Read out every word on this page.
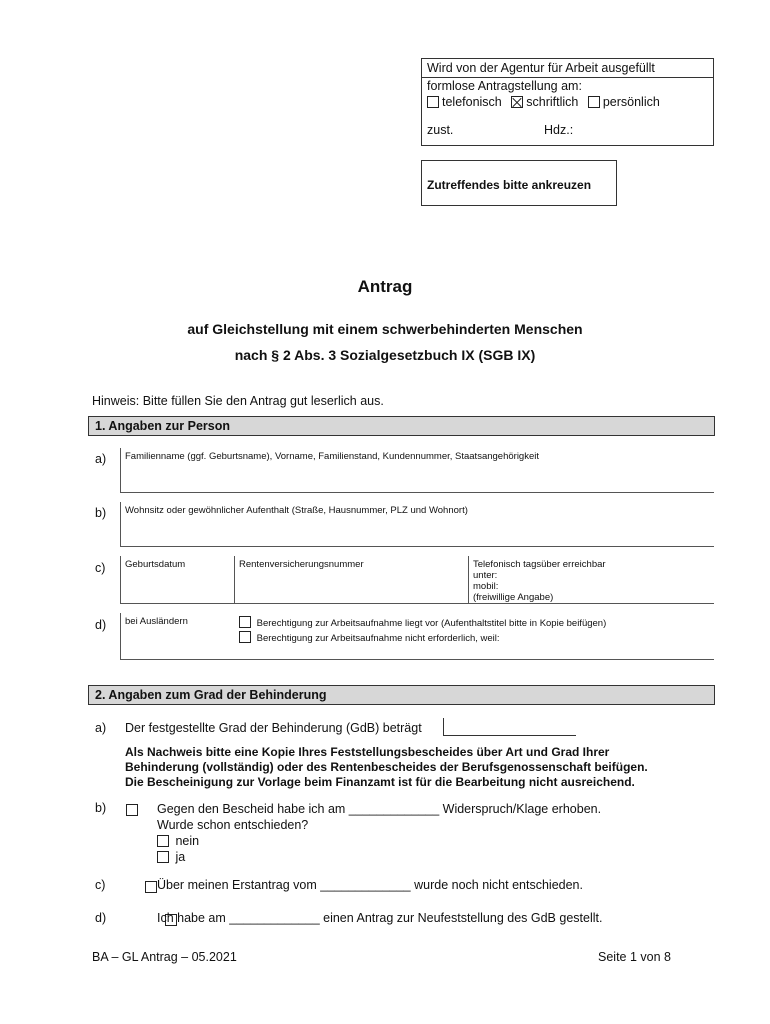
Wird von der Agentur für Arbeit ausgefüllt
formlose Antragstellung am:
telefonisch schriftlich persönlich
zust.	Hdz.:
Zutreffendes bitte ankreuzen
Antrag
auf Gleichstellung mit einem schwerbehinderten Menschen
nach § 2 Abs. 3 Sozialgesetzbuch IX (SGB IX)
Hinweis: Bitte füllen Sie den Antrag gut leserlich aus.
1. Angaben zur Person
a) Familienname (ggf. Geburtsname), Vorname, Familienstand, Kundennummer, Staatsangehörigkeit
b) Wohnsitz oder gewöhnlicher Aufenthalt (Straße, Hausnummer, PLZ und Wohnort)
c) Geburtsdatum	Rentenversicherungsnummer	Telefonisch tagsüber erreichbar
unter:
mobil:
(freiwillige Angabe)
d) bei Ausländern	Berechtigung zur Arbeitsaufnahme liegt vor (Aufenthaltstitel bitte in Kopie beifügen)
Berechtigung zur Arbeitsaufnahme nicht erforderlich, weil:
2. Angaben zum Grad der Behinderung
a) Der festgestellte Grad der Behinderung (GdB) beträgt
Als Nachweis bitte eine Kopie Ihres Feststellungsbescheides über Art und Grad Ihrer
Behinderung (vollständig) oder des Rentenbescheides der Berufsgenossenschaft beifügen.
Die Bescheinigung zur Vorlage beim Finanzamt ist für die Bearbeitung nicht ausreichend.
b)
	Gegen den Bescheid habe ich am _____________ Widerspruch/Klage erhoben.
Wurde schon entschieden?
nein
ja
c)
	Über meinen Erstantrag vom _____________ wurde noch nicht entschieden.
d)	Ich habe am _____________ einen Antrag zur Neufeststellung des GdB gestellt.
BA – GL Antrag – 05.2021	Seite 1 von 8
